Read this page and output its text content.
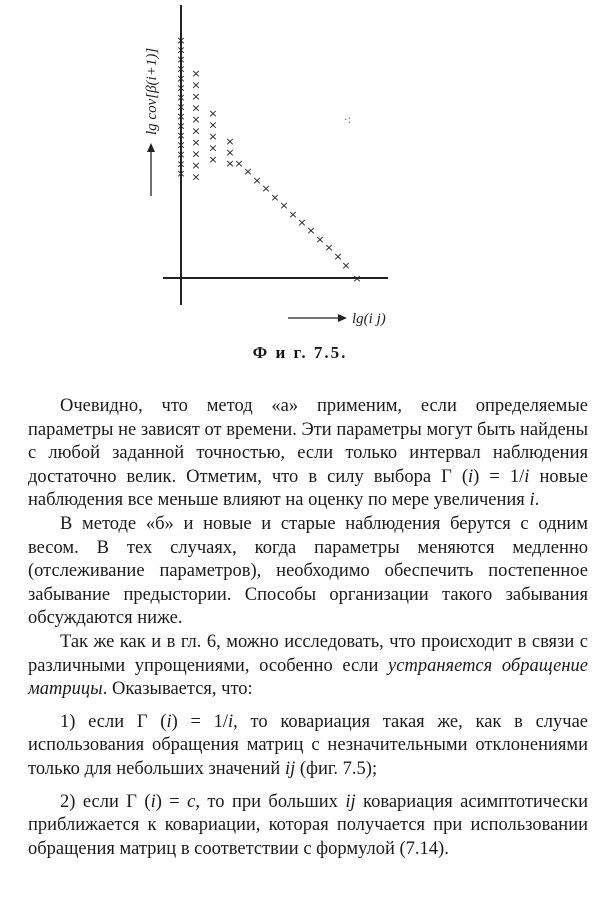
lg cov[β(i+1)]
lg(i j)
·:
×
×
×
×
×
×
×
×
×
×
×
×
×
×
×
×
×
×
×
×
×
×
×
×
×
×
×
×
×
×
×
×
× ×
×
×
×
×
×
×
×
×
×
×
×
×
×
Ф и г. 7.5.

Очевидно, что метод «а» применим, если определяемые параметры не зависят от времени. Эти параметры могут быть найдены с любой заданной точностью, если только интервал наблюдения достаточно велик. Отметим, что в силу выбора Γ (i) = 1/i новые наблюдения все меньше влияют на оценку по мере увеличения i.

В методе «б» и новые и старые наблюдения берутся с одним весом. В тех случаях, когда параметры меняются медленно (отслеживание параметров), необходимо обеспечить постепенное забывание предыстории. Способы организации такого забывания обсуждаются ниже.

Так же как и в гл. 6, можно исследовать, что происходит в связи с различными упрощениями, особенно если устраняется обращение матрицы. Оказывается, что:

1) если Γ (i) = 1/i, то ковариация такая же, как в случае использования обращения матриц с незначительными отклонениями только для небольших значений ij (фиг. 7.5);

2) если Γ (i) = c, то при больших ij ковариация асимптотически приближается к ковариации, которая получается при использовании обращения матриц в соответствии с формулой (7.14).
